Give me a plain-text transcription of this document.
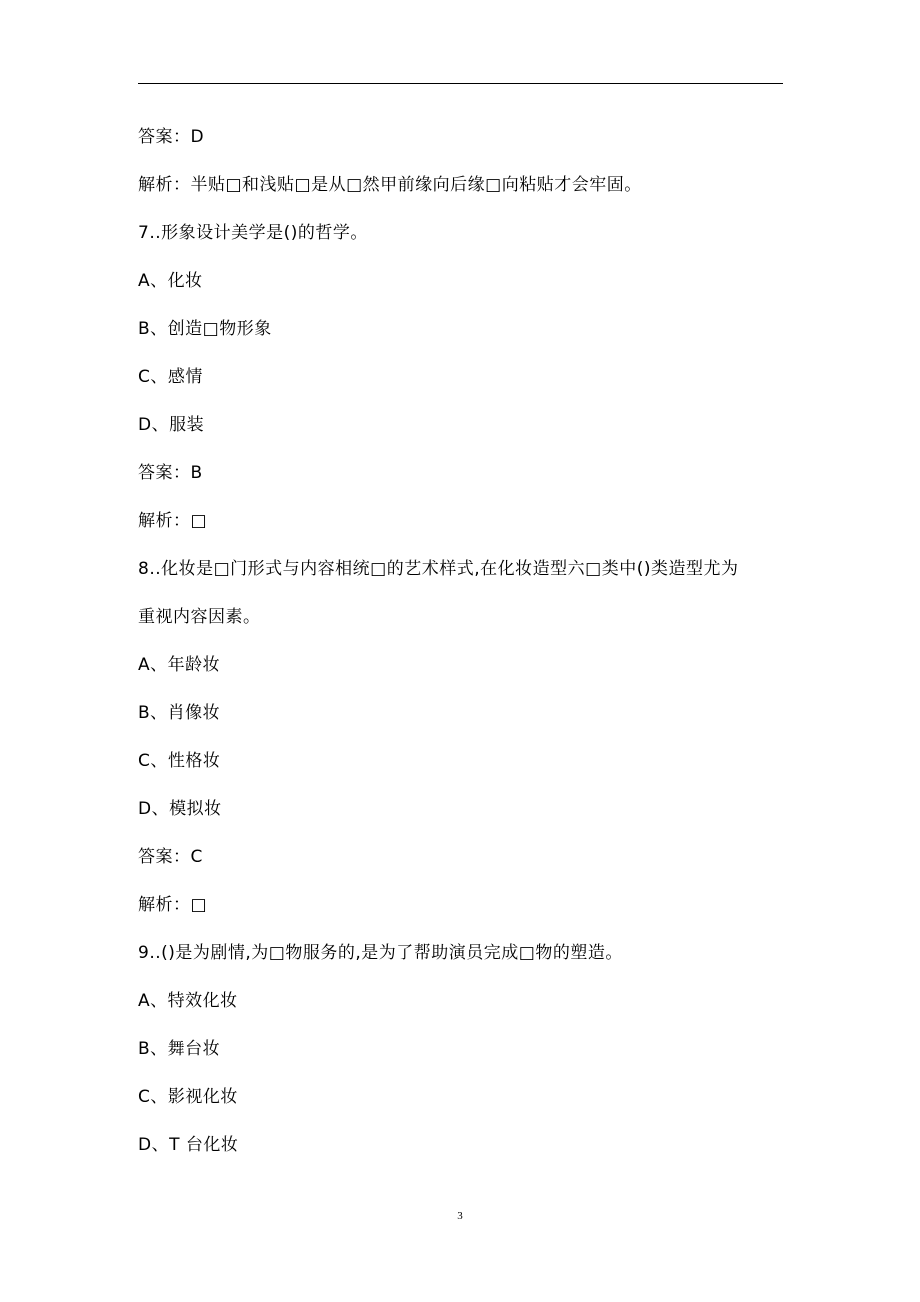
答案：D
解析：半贴□和浅贴□是从□然甲前缘向后缘□向粘贴才会牢固。
7..形象设计美学是()的哲学。
A、化妆
B、创造□物形象
C、感情
D、服装
答案：B
解析：□
8..化妆是□门形式与内容相统□的艺术样式,在化妆造型六□类中()类造型尤为
重视内容因素。
A、年龄妆
B、肖像妆
C、性格妆
D、模拟妆
答案：C
解析：□
9..()是为剧情,为□物服务的,是为了帮助演员完成□物的塑造。
A、特效化妆
B、舞台妆
C、影视化妆
D、T 台化妆
3
